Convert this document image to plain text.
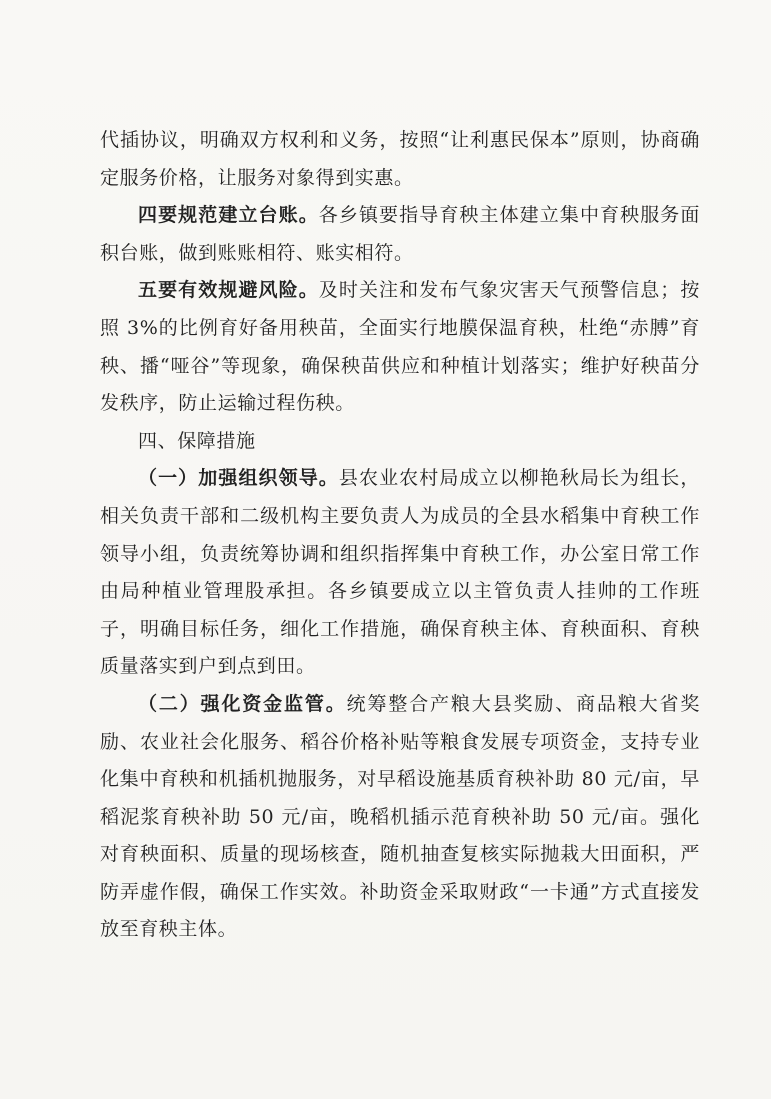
代插协议，明确双方权利和义务，按照“让利惠民保本”原则，协商确定服务价格，让服务对象得到实惠。

四要规范建立台账。各乡镇要指导育秧主体建立集中育秧服务面积台账，做到账账相符、账实相符。

五要有效规避风险。及时关注和发布气象灾害天气预警信息；按照 3%的比例育好备用秧苗，全面实行地膜保温育秧，杜绝“赤膊”育秧、播“哑谷”等现象，确保秧苗供应和种植计划落实；维护好秧苗分发秩序，防止运输过程伤秧。

四、保障措施

（一）加强组织领导。县农业农村局成立以柳艳秋局长为组长，相关负责干部和二级机构主要负责人为成员的全县水稻集中育秧工作领导小组，负责统筹协调和组织指挥集中育秧工作，办公室日常工作由局种植业管理股承担。各乡镇要成立以主管负责人挂帅的工作班子，明确目标任务，细化工作措施，确保育秧主体、育秧面积、育秧质量落实到户到点到田。

（二）强化资金监管。统筹整合产粮大县奖励、商品粮大省奖励、农业社会化服务、稻谷价格补贴等粮食发展专项资金，支持专业化集中育秧和机插机抛服务，对早稻设施基质育秧补助 80 元/亩，早稻泥浆育秧补助 50 元/亩，晚稻机插示范育秧补助 50 元/亩。强化对育秧面积、质量的现场核查，随机抽查复核实际抛栽大田面积，严防弄虚作假，确保工作实效。补助资金采取财政“一卡通”方式直接发放至育秧主体。
